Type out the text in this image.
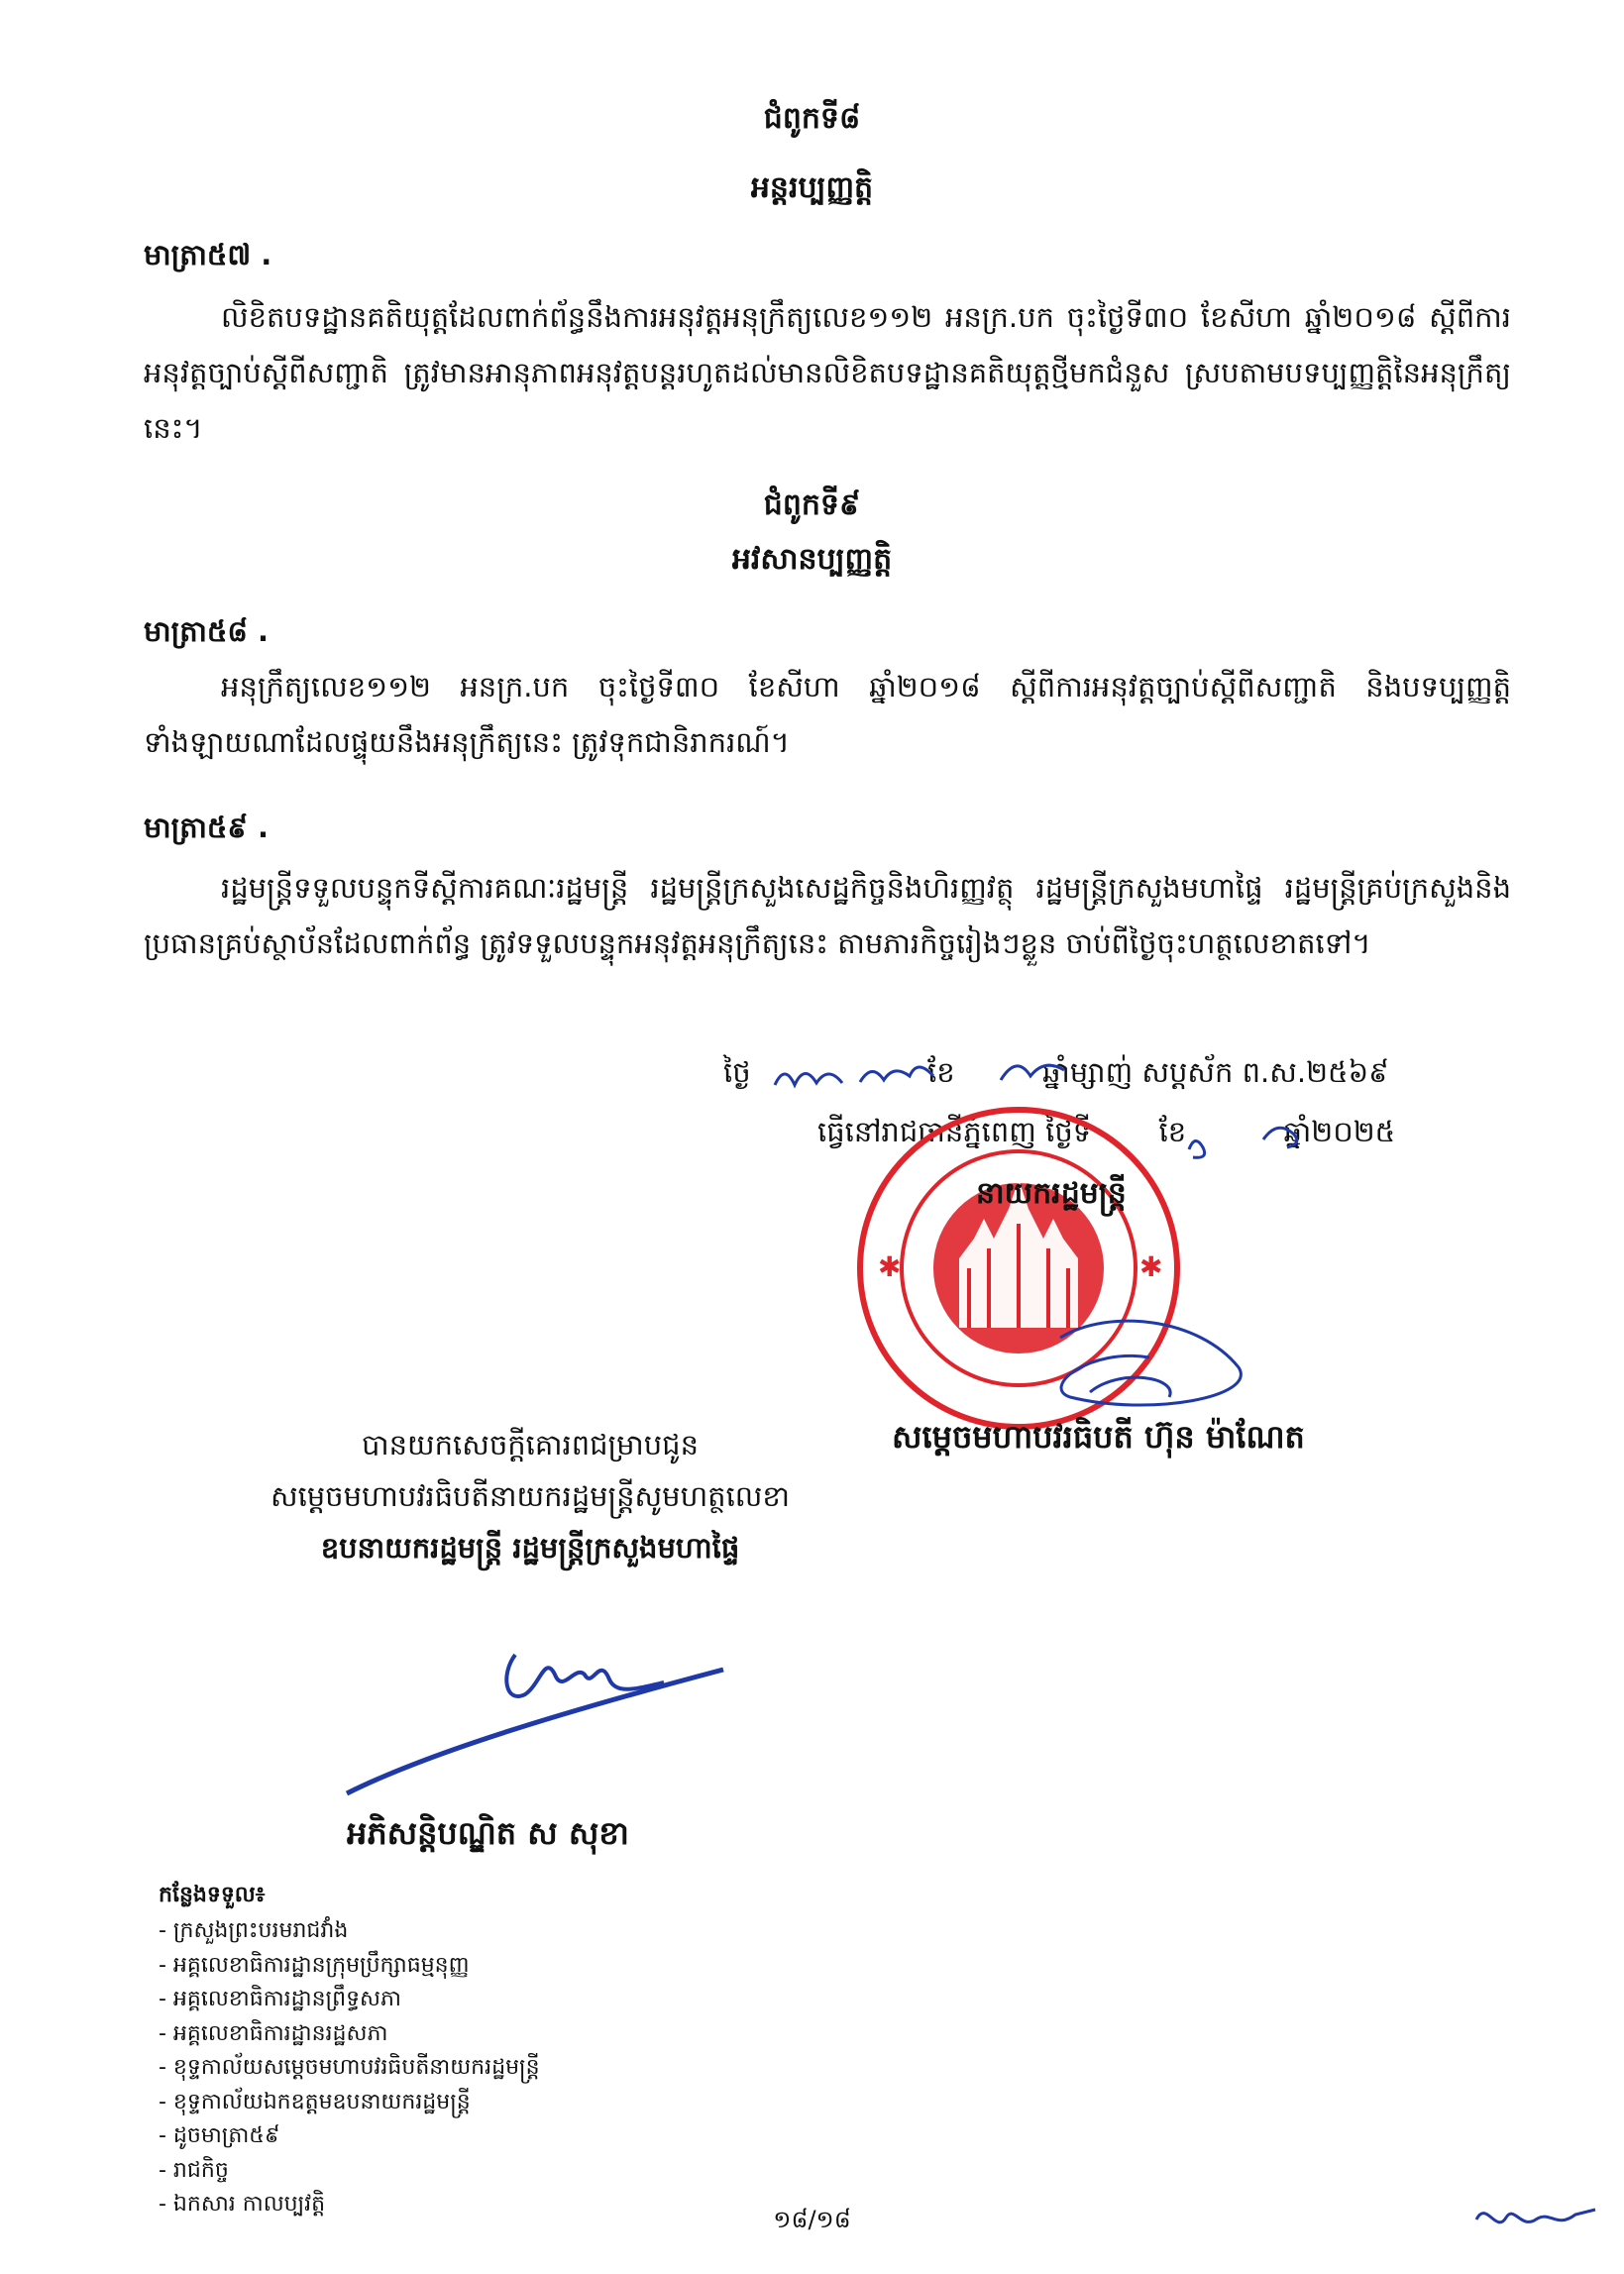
ជំពូកទី៨
អន្តរប្បញ្ញត្តិ
មាត្រា៥៧ .
លិខិតបទដ្ឋានគតិយុត្តដែលពាក់ព័ន្ធនឹងការអនុវត្តអនុក្រឹត្យលេខ១១២ អនក្រ.បក ចុះថ្ងៃទី៣០ ខែសីហា ឆ្នាំ២០១៨ ស្តីពីការអនុវត្តច្បាប់ស្តីពីសញ្ជាតិ ត្រូវមានអានុភាពអនុវត្តបន្តរហូតដល់មានលិខិតបទដ្ឋានគតិយុត្តថ្មីមកជំនួស ស្របតាមបទប្បញ្ញត្តិនៃអនុក្រឹត្យនេះ។
ជំពូកទី៩
អវសានប្បញ្ញត្តិ
មាត្រា៥៨ .
អនុក្រឹត្យលេខ១១២ អនក្រ.បក ចុះថ្ងៃទី៣០ ខែសីហា ឆ្នាំ២០១៨ ស្តីពីការអនុវត្តច្បាប់ស្តីពីសញ្ជាតិ និងបទប្បញ្ញត្តិទាំងឡាយណាដែលផ្ទុយនឹងអនុក្រឹត្យនេះ ត្រូវទុកជានិរាករណ៍។
មាត្រា៥៩ .
រដ្ឋមន្ត្រីទទួលបន្ទុកទីស្តីការគណៈរដ្ឋមន្ត្រី រដ្ឋមន្ត្រីក្រសួងសេដ្ឋកិច្ចនិងហិរញ្ញវត្ថុ រដ្ឋមន្ត្រីក្រសួងមហាផ្ទៃ រដ្ឋមន្ត្រីគ្រប់ក្រសួងនិងប្រធានគ្រប់ស្ថាប័នដែលពាក់ព័ន្ធ ត្រូវទទួលបន្ទុកអនុវត្តអនុក្រឹត្យនេះ តាមភារកិច្ចរៀងៗខ្លួន ចាប់ពីថ្ងៃចុះហត្ថលេខាតទៅ។
ថ្ងៃ	ខែ	ឆ្នាំម្សាញ់ សប្តស័ក ព.ស.២៥៦៩
ធ្វើនៅរាជធានីភ្នំពេញ ថ្ងៃទី ខែ	ឆ្នាំ២០២៥
✱	✱
នាយករដ្ឋមន្ត្រី
សម្តេចមហាបវរធិបតី ហ៊ុន ម៉ាណែត
បានយកសេចក្តីគោរពជម្រាបជូន
សម្តេចមហាបវរធិបតីនាយករដ្ឋមន្ត្រីសូមហត្ថលេខា
ឧបនាយករដ្ឋមន្ត្រី រដ្ឋមន្ត្រីក្រសួងមហាផ្ទៃ
អភិសន្តិបណ្ឌិត ស សុខា
កន្លែងទទួល៖
- ក្រសួងព្រះបរមរាជវាំង
- អគ្គលេខាធិការដ្ឋានក្រុមប្រឹក្សាធម្មនុញ្ញ
- អគ្គលេខាធិការដ្ឋានព្រឹទ្ធសភា
- អគ្គលេខាធិការដ្ឋានរដ្ឋសភា
- ខុទ្ទកាល័យសម្តេចមហាបវរធិបតីនាយករដ្ឋមន្ត្រី
- ខុទ្ទកាល័យឯកឧត្តមឧបនាយករដ្ឋមន្ត្រី
- ដូចមាត្រា៥៩
- រាជកិច្ច
- ឯកសារ កាលប្បវត្តិ
១៨/១៨
